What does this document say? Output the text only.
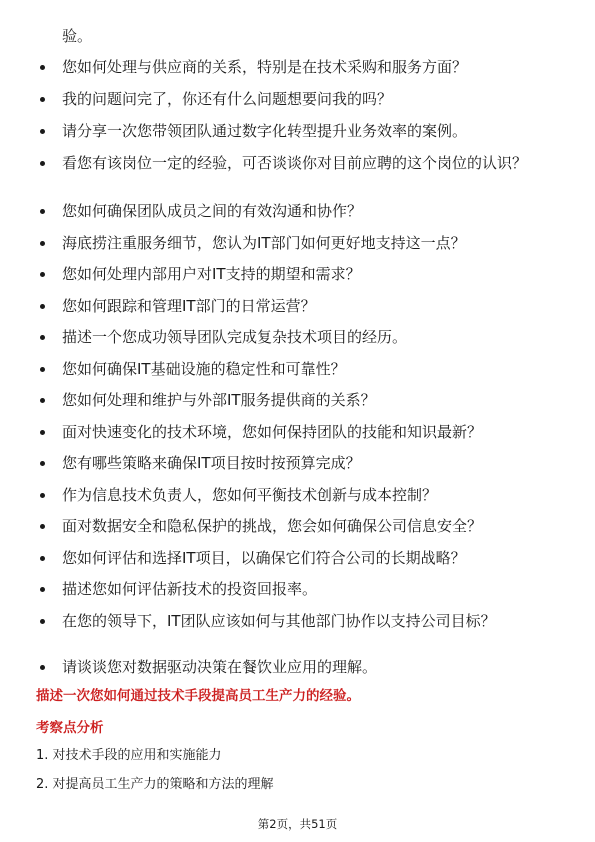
验。
您如何处理与供应商的关系，特别是在技术采购和服务方面？
我的问题问完了，你还有什么问题想要问我的吗？
请分享一次您带领团队通过数字化转型提升业务效率的案例。
看您有该岗位一定的经验，可否谈谈你对目前应聘的这个岗位的认识？
您如何确保团队成员之间的有效沟通和协作？
海底捞注重服务细节，您认为IT部门如何更好地支持这一点？
您如何处理内部用户对IT支持的期望和需求？
您如何跟踪和管理IT部门的日常运营？
描述一个您成功领导团队完成复杂技术项目的经历。
您如何确保IT基础设施的稳定性和可靠性？
您如何处理和维护与外部IT服务提供商的关系？
面对快速变化的技术环境，您如何保持团队的技能和知识最新？
您有哪些策略来确保IT项目按时按预算完成？
作为信息技术负责人，您如何平衡技术创新与成本控制？
面对数据安全和隐私保护的挑战，您会如何确保公司信息安全？
您如何评估和选择IT项目，以确保它们符合公司的长期战略？
描述您如何评估新技术的投资回报率。
在您的领导下，IT团队应该如何与其他部门协作以支持公司目标？
请谈谈您对数据驱动决策在餐饮业应用的理解。
描述一次您如何通过技术手段提高员工生产力的经验。
考察点分析
1. 对技术手段的应用和实施能力
2. 对提高员工生产力的策略和方法的理解
第2页，共51页
